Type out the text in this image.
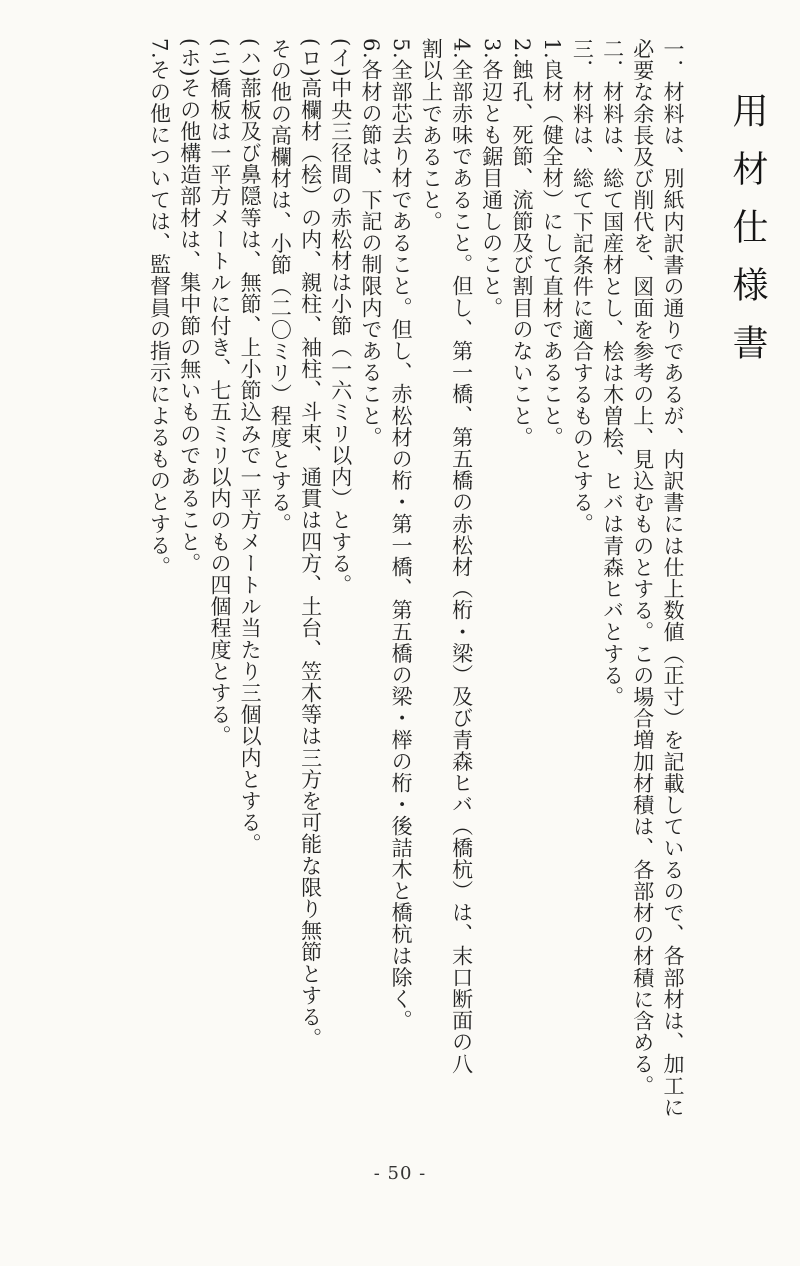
用材仕様書

一．材料は、別紙内訳書の通りであるが、内訳書には仕上数値（正寸）を記載しているので、各部材は、加工に

必要な余長及び削代を、図面を参考の上、見込むものとする。この場合増加材積は、各部材の材積に含める。

二．材料は、総て国産材とし、桧は木曽桧、ヒバは青森ヒバとする。

三．材料は、総て下記条件に適合するものとする。

1.良材（健全材）にして直材であること。

2.蝕孔、死節、流節及び割目のないこと。

3.各辺とも鋸目通しのこと。

4.全部赤味であること。但し、第一橋、第五橋の赤松材（桁・梁）及び青森ヒバ（橋杭）は、末口断面の八

割以上であること。

5.全部芯去り材であること。但し、赤松材の桁・第一橋、第五橋の梁・榉の桁・後詰木と橋杭は除く。

6.各材の節は、下記の制限内であること。

(イ)中央三径間の赤松材は小節（一六ミリ以内）とする。

(ロ)高欄材（桧）の内、親柱、袖柱、斗束、通貫は四方、土台、笠木等は三方を可能な限り無節とする。

その他の高欄材は、小節（二〇ミリ）程度とする。

(ハ)蔀板及び鼻隠等は、無節、上小節込みで一平方メートル当たり三個以内とする。

(ニ)橋板は一平方メートルに付き、七五ミリ以内のもの四個程度とする。

(ホ)その他構造部材は、集中節の無いものであること。

7.その他については、監督員の指示によるものとする。

- 50 -
